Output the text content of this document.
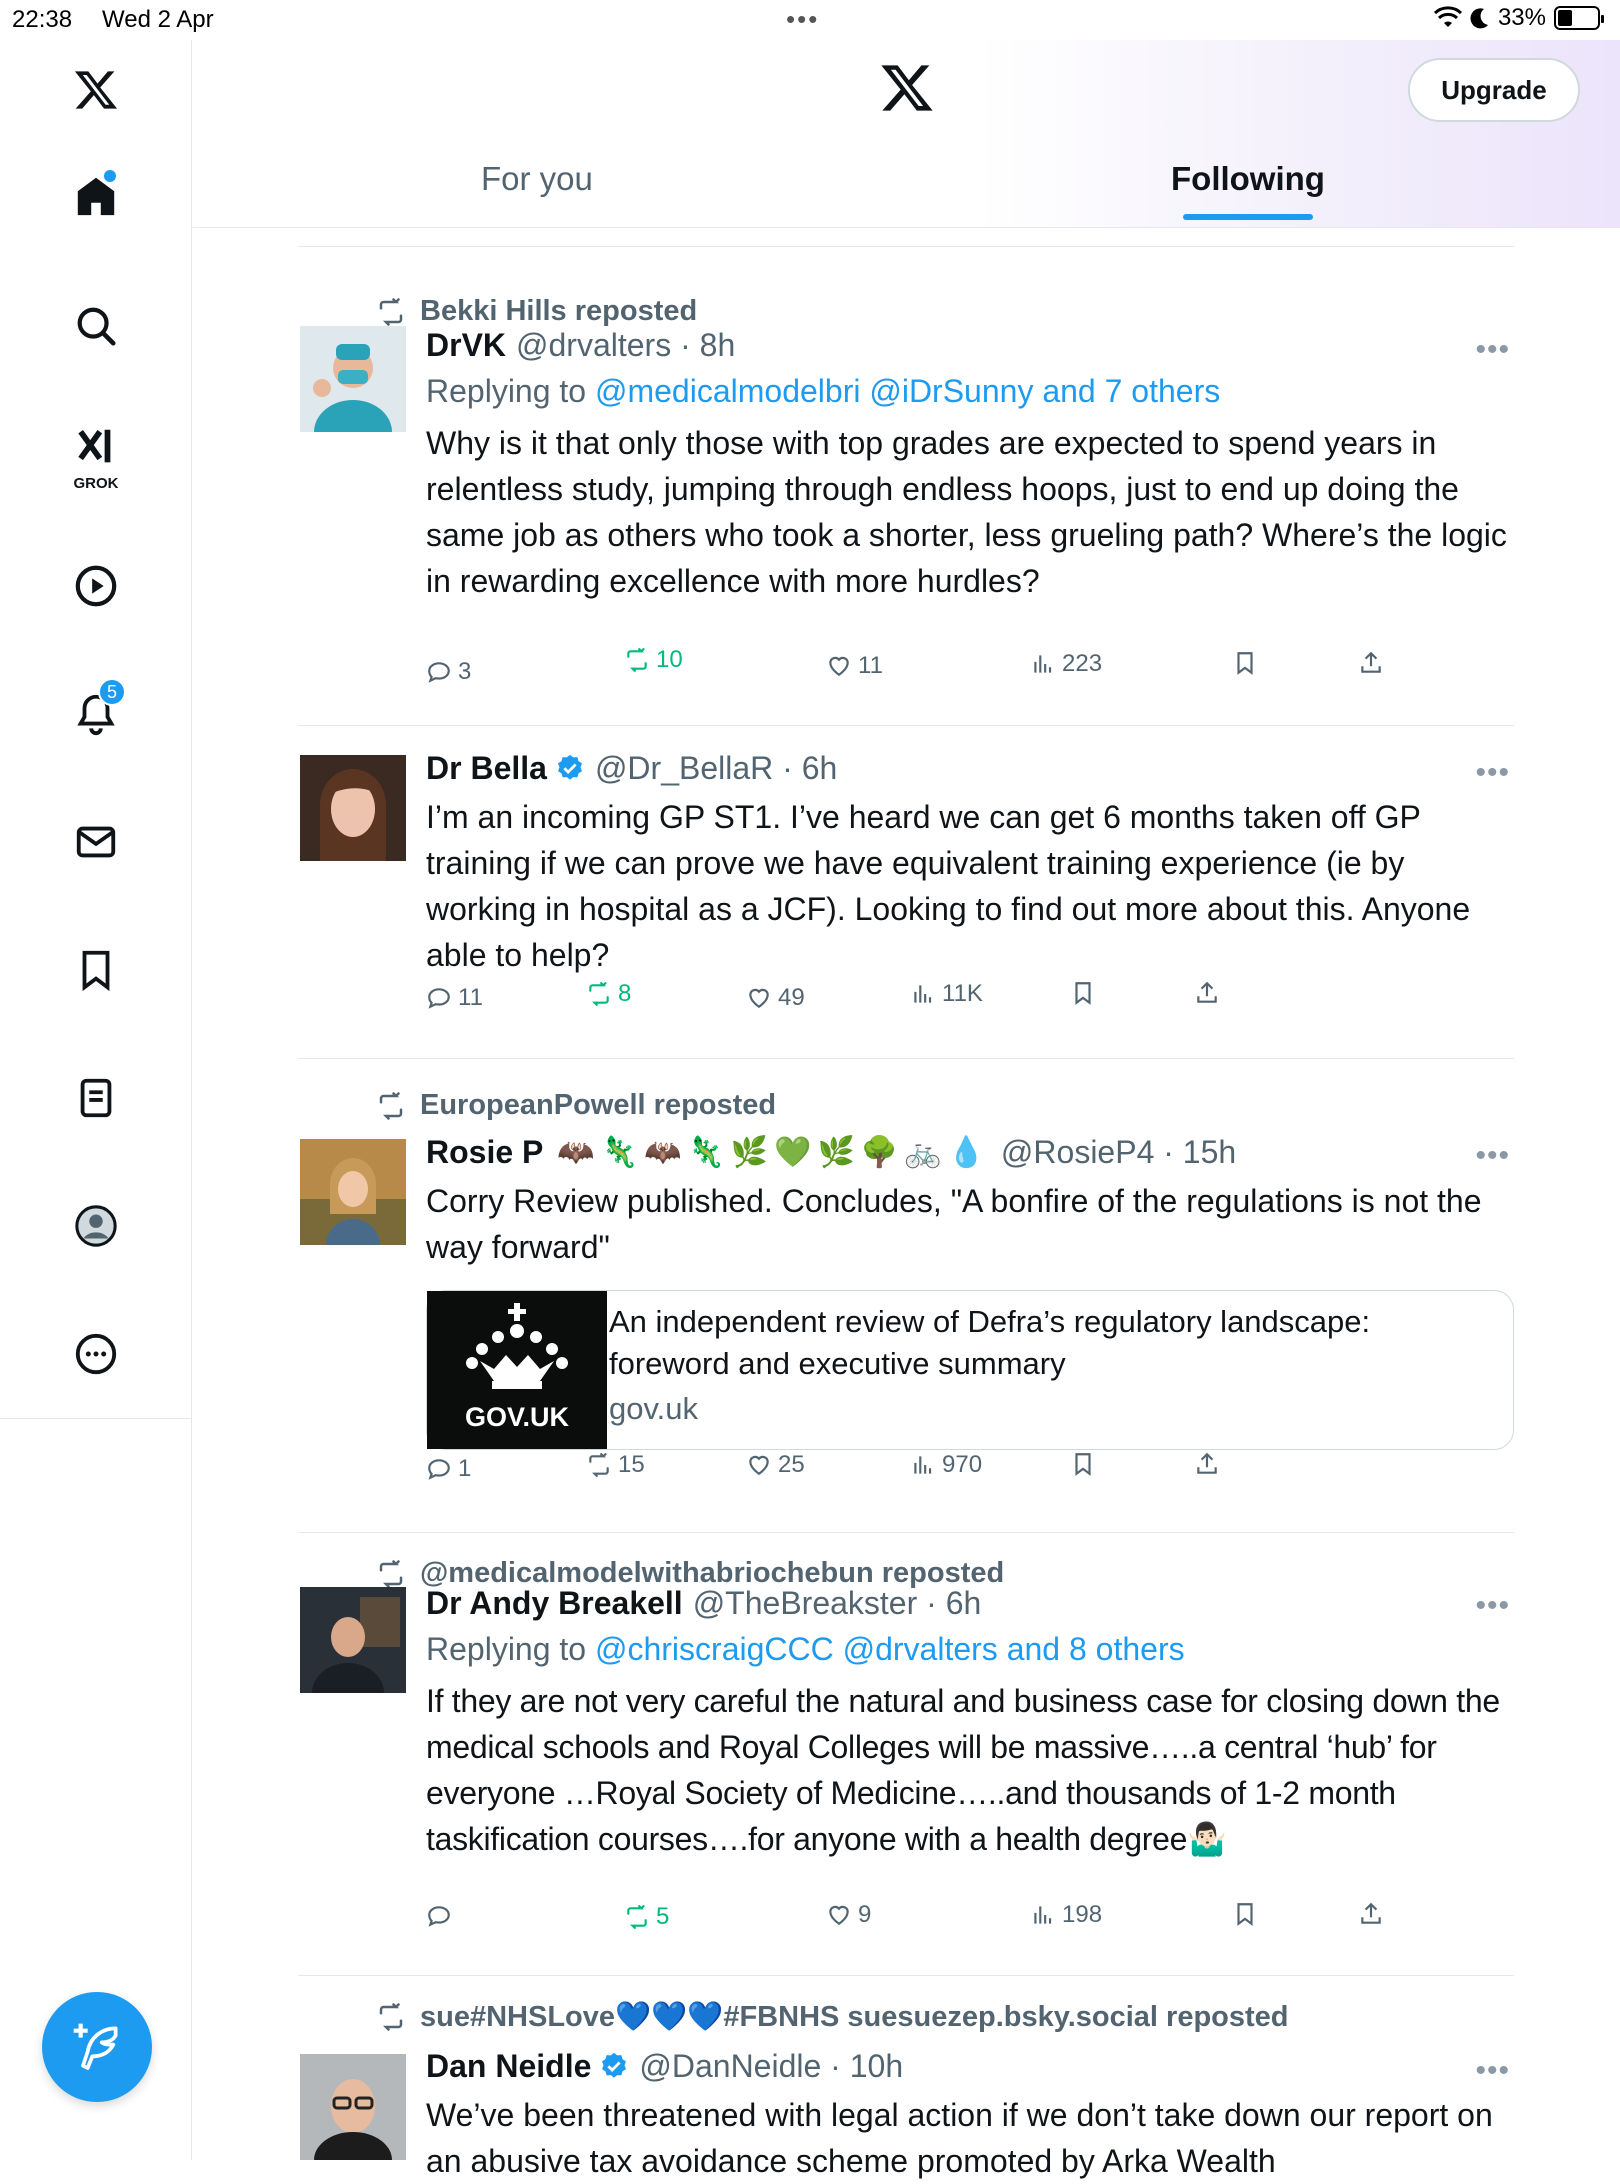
22:38 Wed 2 Apr	•••	33%
GROK
5
Upgrade
For you	Following
Bekki Hills reposted
DrVK @drvalters · 8h
Replying to @medicalmodelbri @iDrSunny and 7 others
Why is it that only those with top grades are expected to spend years in relentless study, jumping through endless hoops, just to end up doing the same job as others who took a shorter, less grueling path? Where’s the logic in rewarding excellence with more hurdles?
•••
3	10	11	223
Dr Bella @Dr_BellaR · 6h
I’m an incoming GP ST1. I’ve heard we can get 6 months taken off GP training if we can prove we have equivalent training experience (ie by working in hospital as a JCF). Looking to find out more about this. Anyone able to help?
•••
11	8	49	11K
EuropeanPowell reposted
Rosie P 🦇🦎🦇🦎🌿💚🌿🌳🚲💧 @RosieP4 · 15h
Corry Review published. Concludes, "A bonfire of the regulations is not the way forward"
GOV.UK
An independent review of Defra’s regulatory landscape: foreword and executive summary
gov.uk
•••
1	15	25	970
@medicalmodelwithabriochebun reposted
Dr Andy Breakell @TheBreakster · 6h
Replying to @chriscraigCCC @drvalters and 8 others
If they are not very careful the natural and business case for closing down the medical schools and Royal Colleges will be massive…..a central ‘hub’ for everyone …Royal Society of Medicine…..and thousands of 1-2 month taskification courses….for anyone with a health degree🤷🏻‍♂️
•••
5	9	198
sue#NHSLove💙💙💙#FBNHS suesuezep.bsky.social reposted
Dan Neidle @DanNeidle · 10h
We’ve been threatened with legal action if we don’t take down our report on an abusive tax avoidance scheme promoted by Arka Wealth
•••
